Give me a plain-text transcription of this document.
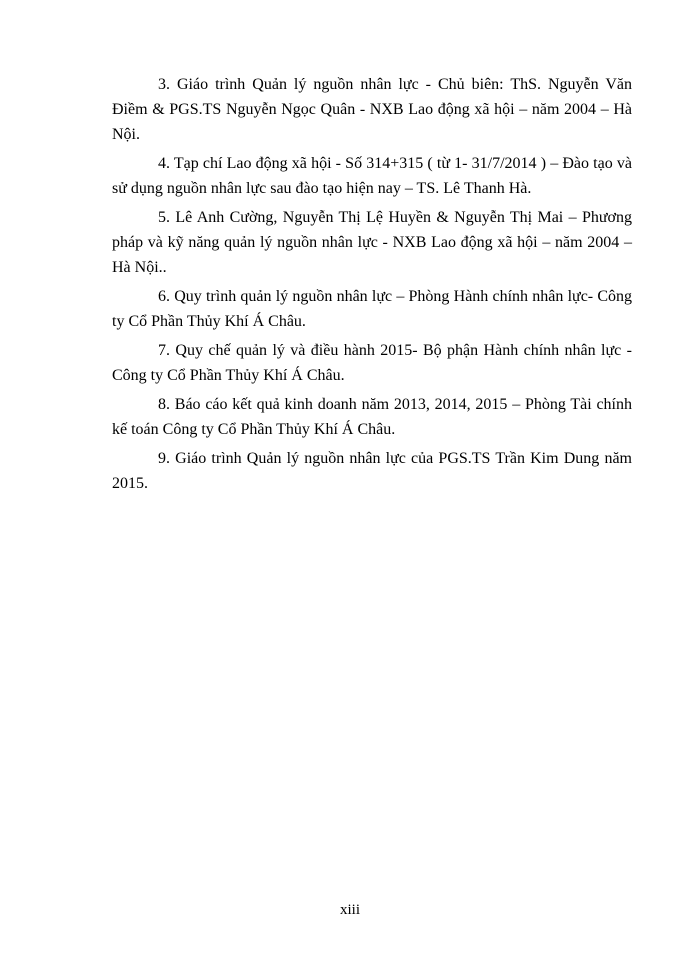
3. Giáo trình Quản lý nguồn nhân lực - Chủ biên: ThS. Nguyễn Văn Điềm & PGS.TS Nguyễn Ngọc Quân - NXB Lao động xã hội – năm 2004 – Hà Nội.
4. Tạp chí Lao động xã hội - Số 314+315 ( từ 1- 31/7/2014 ) – Đào tạo và sử dụng nguồn nhân lực sau đào tạo hiện nay – TS. Lê Thanh Hà.
5. Lê Anh Cường, Nguyễn Thị Lệ Huyền & Nguyễn Thị Mai – Phương pháp và kỹ năng quản lý nguồn nhân lực - NXB Lao động xã hội – năm 2004 – Hà Nội..
6. Quy trình quản lý nguồn nhân lực – Phòng Hành chính nhân lực- Công ty Cổ Phần Thủy Khí Á Châu.
7. Quy chế quản lý và điều hành 2015- Bộ phận Hành chính nhân lực - Công ty Cổ Phần Thủy Khí Á Châu.
8. Báo cáo kết quả kinh doanh năm 2013, 2014, 2015 – Phòng Tài chính kế toán Công ty Cổ Phần Thủy Khí Á Châu.
9. Giáo trình Quản lý nguồn nhân lực của PGS.TS Trần Kim Dung năm 2015.
xiii
